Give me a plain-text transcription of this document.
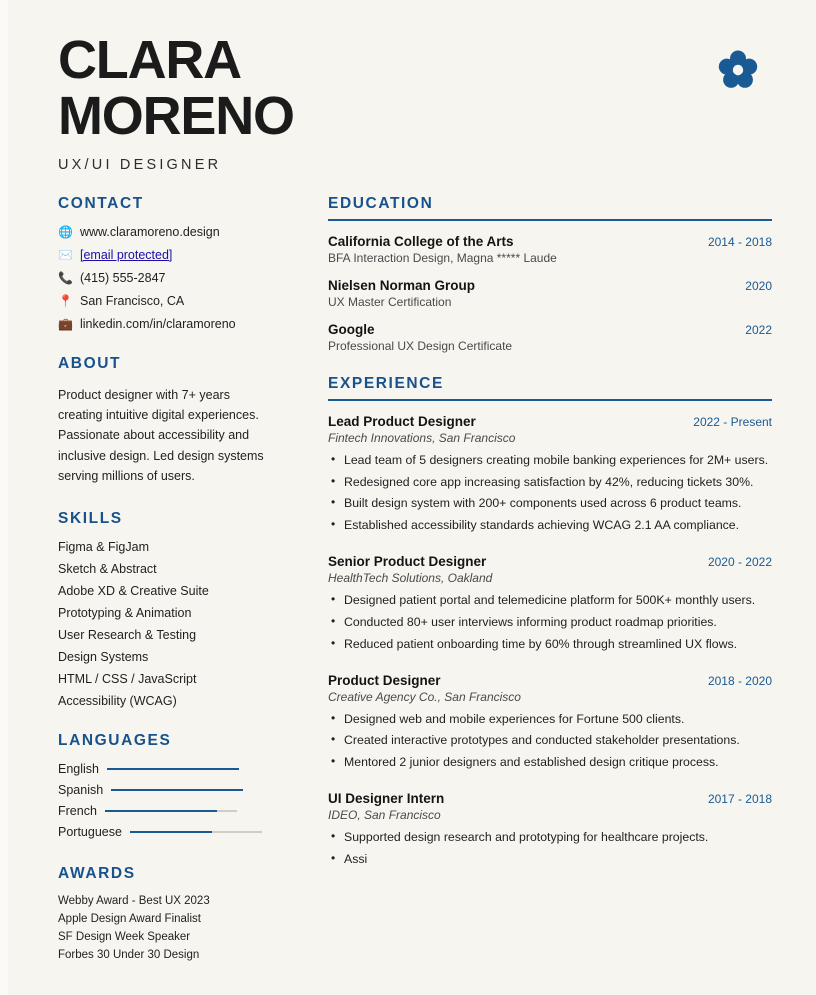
CLARA
MORENO
UX/UI DESIGNER
CONTACT
🌐 www.claramoreno.design
✉️ [email protected]
📞 (415) 555-2847
📍 San Francisco, CA
💼 linkedin.com/in/claramoreno
ABOUT

Product designer with 7+ years creating intuitive digital experiences. Passionate about accessibility and inclusive design. Led design systems serving millions of users.

SKILLS
Figma & FigJam
Sketch & Abstract
Adobe XD & Creative Suite
Prototyping & Animation
User Research & Testing
Design Systems
HTML / CSS / JavaScript
Accessibility (WCAG)
LANGUAGES
English
Spanish
French
Portuguese
AWARDS
Webby Award - Best UX 2023
Apple Design Award Finalist
SF Design Week Speaker
Forbes 30 Under 30 Design
EDUCATION
California College of the Arts	2014 - 2018
BFA Interaction Design, Magna ***** Laude
Nielsen Norman Group	2020
UX Master Certification
Google	2022
Professional UX Design Certificate
EXPERIENCE
Lead Product Designer	2022 - Present
Fintech Innovations, San Francisco
• Lead team of 5 designers creating mobile banking experiences for 2M+ users.
• Redesigned core app increasing satisfaction by 42%, reducing tickets 30%.
• Built design system with 200+ components used across 6 product teams.
• Established accessibility standards achieving WCAG 2.1 AA compliance.
Senior Product Designer	2020 - 2022
HealthTech Solutions, Oakland
• Designed patient portal and telemedicine platform for 500K+ monthly users.
• Conducted 80+ user interviews informing product roadmap priorities.
• Reduced patient onboarding time by 60% through streamlined UX flows.
Product Designer	2018 - 2020
Creative Agency Co., San Francisco
• Designed web and mobile experiences for Fortune 500 clients.
• Created interactive prototypes and conducted stakeholder presentations.
• Mentored 2 junior designers and established design critique process.
UI Designer Intern	2017 - 2018
IDEO, San Francisco
• Supported design research and prototyping for healthcare projects.
• Assi
